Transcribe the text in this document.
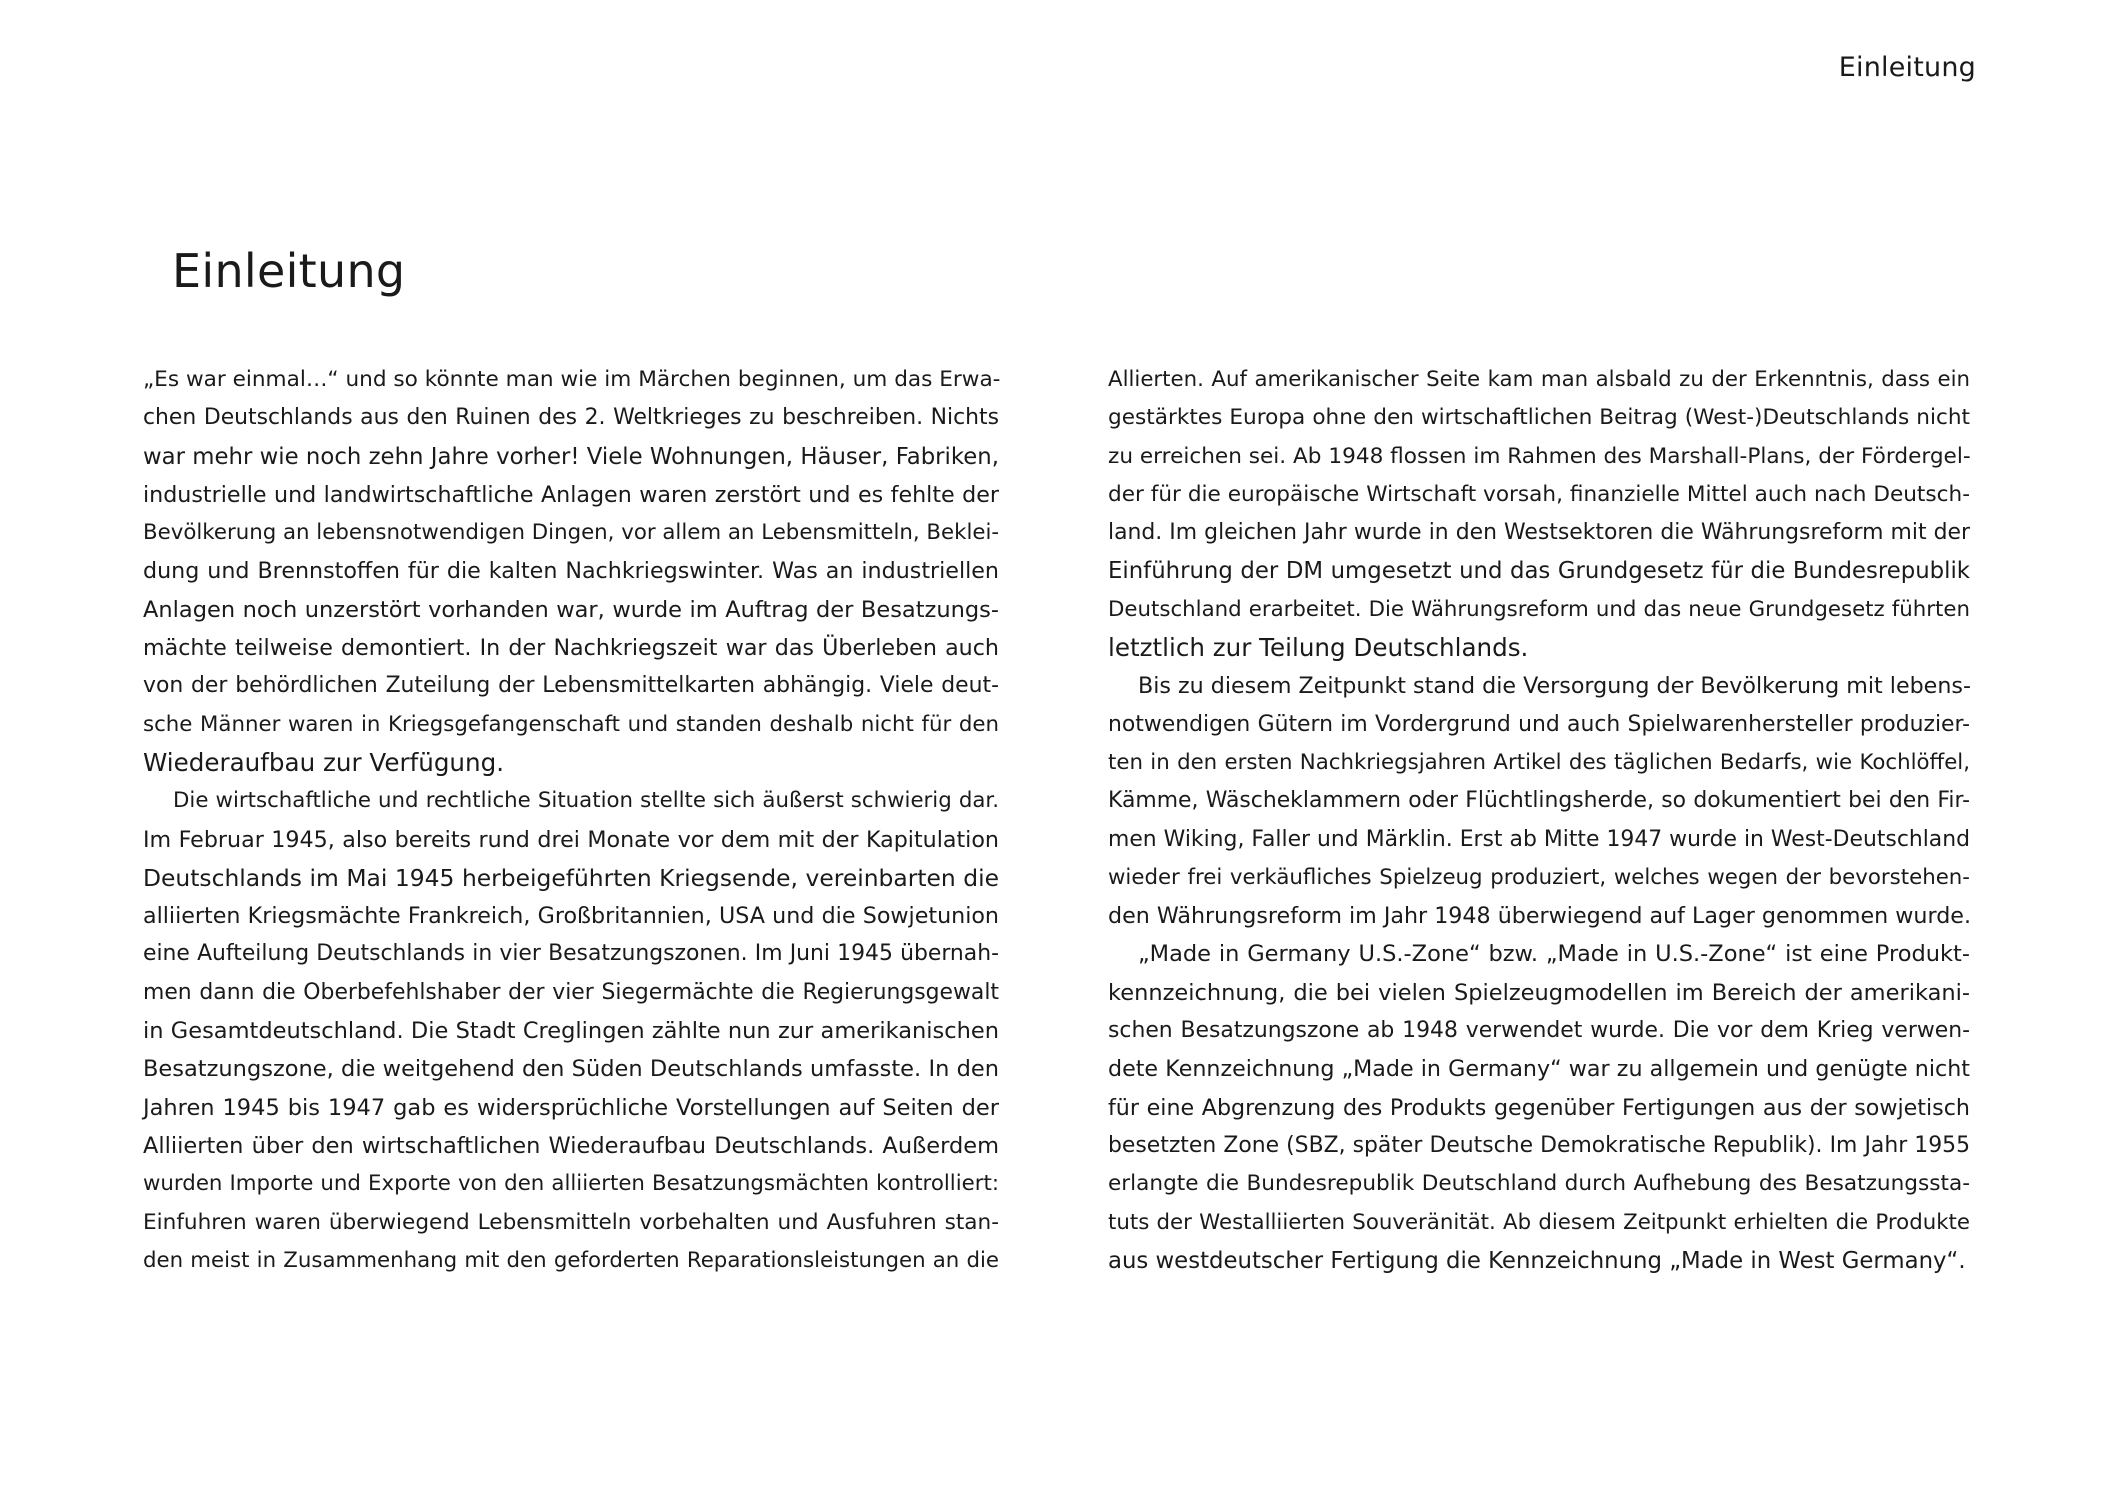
Einleitung
Einleitung
„Es war einmal…“ und so könnte man wie im Märchen beginnen, um das Erwa-
chen Deutschlands aus den Ruinen des 2. Weltkrieges zu beschreiben. Nichts
war mehr wie noch zehn Jahre vorher! Viele Wohnungen, Häuser, Fabriken,
industrielle und landwirtschaftliche Anlagen waren zerstört und es fehlte der
Bevölkerung an lebensnotwendigen Dingen, vor allem an Lebensmitteln, Beklei-
dung und Brennstoffen für die kalten Nachkriegswinter. Was an industriellen
Anlagen noch unzerstört vorhanden war, wurde im Auftrag der Besatzungs-
mächte teilweise demontiert. In der Nachkriegszeit war das Überleben auch
von der behördlichen Zuteilung der Lebensmittelkarten abhängig. Viele deut-
sche Männer waren in Kriegsgefangenschaft und standen deshalb nicht für den
Wiederaufbau zur Verfügung.
Die wirtschaftliche und rechtliche Situation stellte sich äußerst schwierig dar.
Im Februar 1945, also bereits rund drei Monate vor dem mit der Kapitulation
Deutschlands im Mai 1945 herbeigeführten Kriegsende, vereinbarten die
alliierten Kriegsmächte Frankreich, Großbritannien, USA und die Sowjetunion
eine Aufteilung Deutschlands in vier Besatzungszonen. Im Juni 1945 übernah-
men dann die Oberbefehlshaber der vier Siegermächte die Regierungsgewalt
in Gesamtdeutschland. Die Stadt Creglingen zählte nun zur amerikanischen
Besatzungszone, die weitgehend den Süden Deutschlands umfasste. In den
Jahren 1945 bis 1947 gab es widersprüchliche Vorstellungen auf Seiten der
Alliierten über den wirtschaftlichen Wiederaufbau Deutschlands. Außerdem
wurden Importe und Exporte von den alliierten Besatzungsmächten kontrolliert:
Einfuhren waren überwiegend Lebensmitteln vorbehalten und Ausfuhren stan-
den meist in Zusammenhang mit den geforderten Reparationsleistungen an die
Allierten. Auf amerikanischer Seite kam man alsbald zu der Erkenntnis, dass ein
gestärktes Europa ohne den wirtschaftlichen Beitrag (West-)Deutschlands nicht
zu erreichen sei. Ab 1948 flossen im Rahmen des Marshall-Plans, der Fördergel-
der für die europäische Wirtschaft vorsah, finanzielle Mittel auch nach Deutsch-
land. Im gleichen Jahr wurde in den Westsektoren die Währungsreform mit der
Einführung der DM umgesetzt und das Grundgesetz für die Bundesrepublik
Deutschland erarbeitet. Die Währungsreform und das neue Grundgesetz führten
letztlich zur Teilung Deutschlands.
Bis zu diesem Zeitpunkt stand die Versorgung der Bevölkerung mit lebens-
notwendigen Gütern im Vordergrund und auch Spielwarenhersteller produzier-
ten in den ersten Nachkriegsjahren Artikel des täglichen Bedarfs, wie Kochlöffel,
Kämme, Wäscheklammern oder Flüchtlingsherde, so dokumentiert bei den Fir-
men Wiking, Faller und Märklin. Erst ab Mitte 1947 wurde in West-Deutschland
wieder frei verkäufliches Spielzeug produziert, welches wegen der bevorstehen-
den Währungsreform im Jahr 1948 überwiegend auf Lager genommen wurde.
„Made in Germany U.S.-Zone“ bzw. „Made in U.S.-Zone“ ist eine Produkt-
kennzeichnung, die bei vielen Spielzeugmodellen im Bereich der amerikani-
schen Besatzungszone ab 1948 verwendet wurde. Die vor dem Krieg verwen-
dete Kennzeichnung „Made in Germany“ war zu allgemein und genügte nicht
für eine Abgrenzung des Produkts gegenüber Fertigungen aus der sowjetisch
besetzten Zone (SBZ, später Deutsche Demokratische Republik). Im Jahr 1955
erlangte die Bundesrepublik Deutschland durch Aufhebung des Besatzungssta-
tuts der Westalliierten Souveränität. Ab diesem Zeitpunkt erhielten die Produkte
aus westdeutscher Fertigung die Kennzeichnung „Made in West Germany“.
